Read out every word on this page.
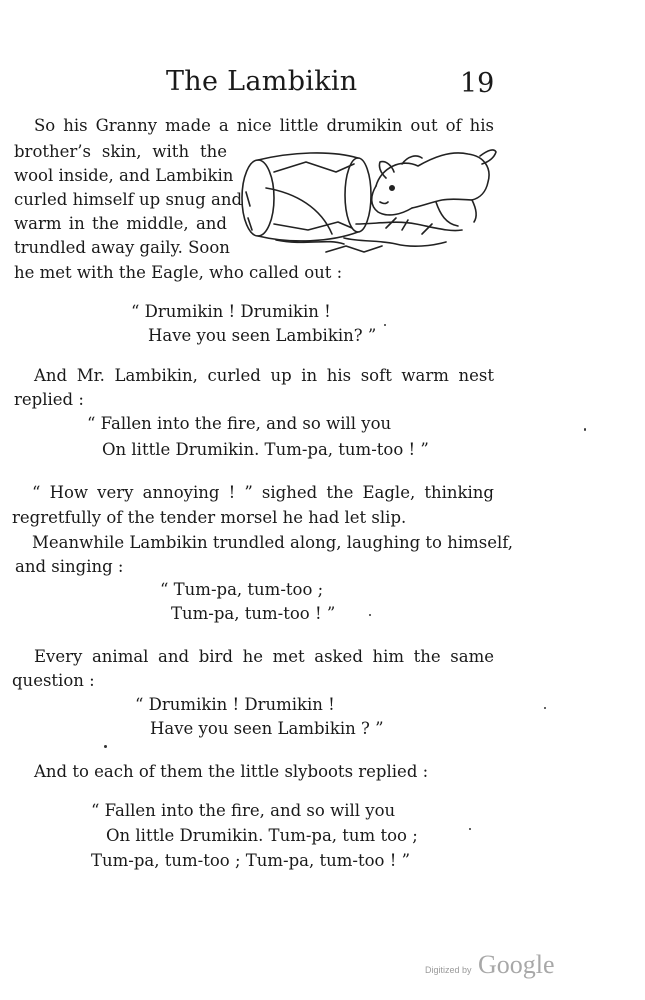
The Lambikin	19
So his Granny made a nice little drumikin out of his
brother’s skin, with the
wool inside, and Lambikin
curled himself up snug and
warm in the middle, and
trundled away gaily. Soon
he met with the Eagle, who called out :
“ Drumikin ! Drumikin !
Have you seen Lambikin? ”
And Mr. Lambikin, curled up in his soft warm nest
replied :
“ Fallen into the fire, and so will you
On little Drumikin. Tum-pa, tum-too ! ”
“ How very annoying ! ” sighed the Eagle, thinking
regretfully of the tender morsel he had let slip.
Meanwhile Lambikin trundled along, laughing to himself,
and singing :
“ Tum-pa, tum-too ;
Tum-pa, tum-too ! ”
Every animal and bird he met asked him the same
question :
“ Drumikin ! Drumikin !
Have you seen Lambikin ? ”
And to each of them the little slyboots replied :
“ Fallen into the fire, and so will you
On little Drumikin. Tum-pa, tum too ;
Tum-pa, tum-too ; Tum-pa, tum-too ! ”
Digitized by Google
